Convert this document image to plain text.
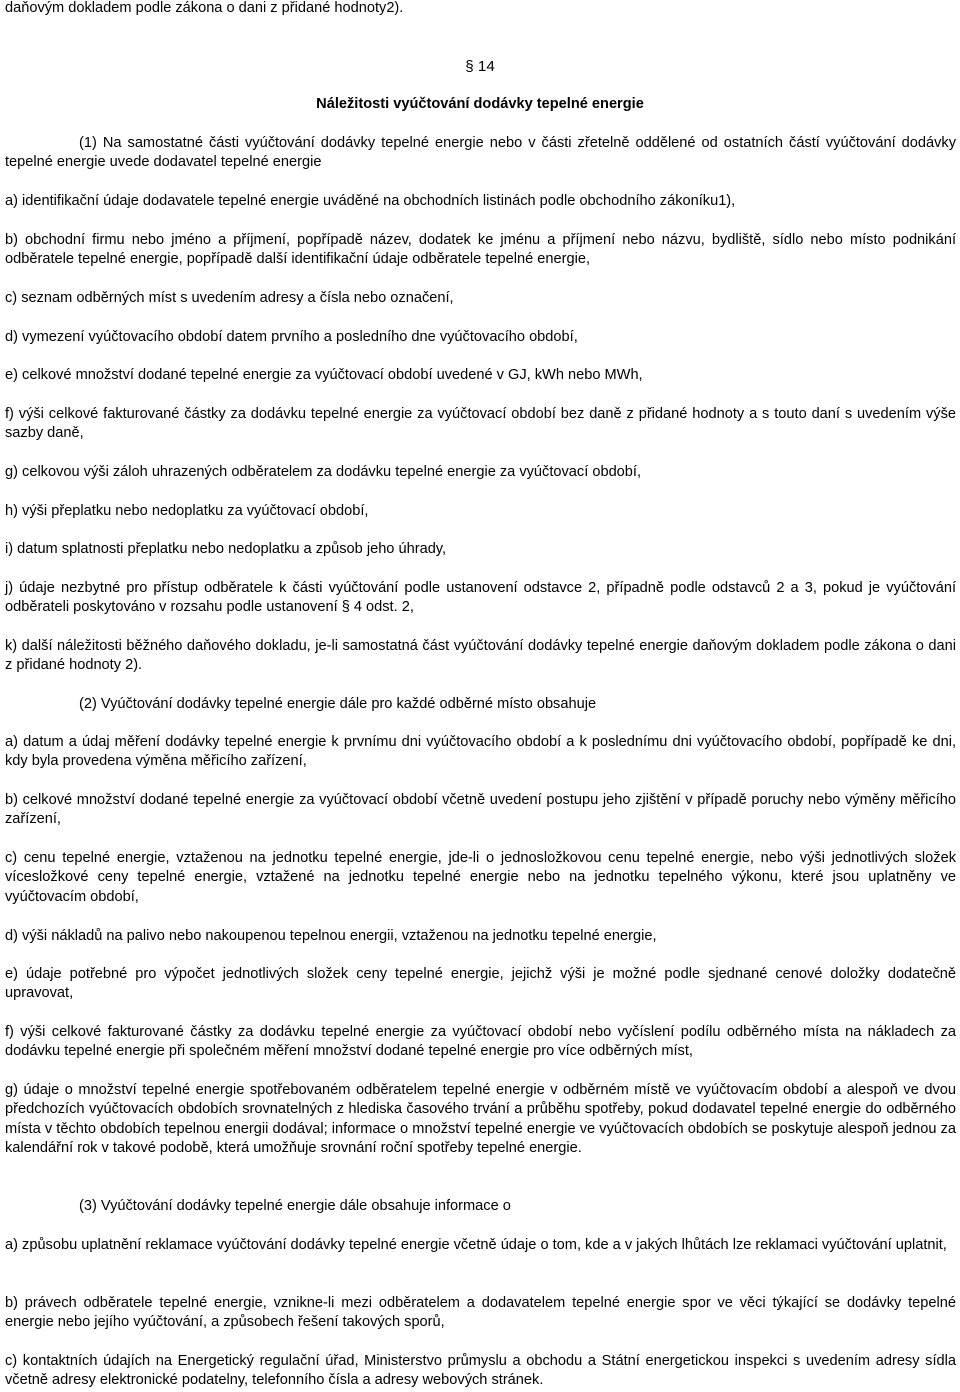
daňovým dokladem podle zákona o dani z přidané hodnoty2).

§ 14

Náležitosti vyúčtování dodávky tepelné energie

(1) Na samostatné části vyúčtování dodávky tepelné energie nebo v části zřetelně oddělené od ostatních částí vyúčtování dodávky tepelné energie uvede dodavatel tepelné energie

a) identifikační údaje dodavatele tepelné energie uváděné na obchodních listinách podle obchodního zákoníku1),

b) obchodní firmu nebo jméno a příjmení, popřípadě název, dodatek ke jménu a příjmení nebo názvu, bydliště, sídlo nebo místo podnikání odběratele tepelné energie, popřípadě další identifikační údaje odběratele tepelné energie,

c) seznam odběrných míst s uvedením adresy a čísla nebo označení,

d) vymezení vyúčtovacího období datem prvního a posledního dne vyúčtovacího období,

e) celkové množství dodané tepelné energie za vyúčtovací období uvedené v GJ, kWh nebo MWh,

f) výši celkové fakturované částky za dodávku tepelné energie za vyúčtovací období bez daně z přidané hodnoty a s touto daní s uvedením výše sazby daně,

g) celkovou výši záloh uhrazených odběratelem za dodávku tepelné energie za vyúčtovací období,

h) výši přeplatku nebo nedoplatku za vyúčtovací období,

i) datum splatnosti přeplatku nebo nedoplatku a způsob jeho úhrady,

j) údaje nezbytné pro přístup odběratele k části vyúčtování podle ustanovení odstavce 2, případně podle odstavců 2 a 3, pokud je vyúčtování odběrateli poskytováno v rozsahu podle ustanovení § 4 odst. 2,

k) další náležitosti běžného daňového dokladu, je-li samostatná část vyúčtování dodávky tepelné energie daňovým dokladem podle zákona o dani z přidané hodnoty 2).

(2) Vyúčtování dodávky tepelné energie dále pro každé odběrné místo obsahuje

a) datum a údaj měření dodávky tepelné energie k prvnímu dni vyúčtovacího období a k poslednímu dni vyúčtovacího období, popřípadě ke dni, kdy byla provedena výměna měřicího zařízení,

b) celkové množství dodané tepelné energie za vyúčtovací období včetně uvedení postupu jeho zjištění v případě poruchy nebo výměny měřicího zařízení,

c) cenu tepelné energie, vztaženou na jednotku tepelné energie, jde-li o jednosložkovou cenu tepelné energie, nebo výši jednotlivých složek vícesložkové ceny tepelné energie, vztažené na jednotku tepelné energie nebo na jednotku tepelného výkonu, které jsou uplatněny ve vyúčtovacím období,

d) výši nákladů na palivo nebo nakoupenou tepelnou energii, vztaženou na jednotku tepelné energie,

e) údaje potřebné pro výpočet jednotlivých složek ceny tepelné energie, jejichž výši je možné podle sjednané cenové doložky dodatečně upravovat,

f) výši celkové fakturované částky za dodávku tepelné energie za vyúčtovací období nebo vyčíslení podílu odběrného místa na nákladech za dodávku tepelné energie při společném měření množství dodané tepelné energie pro více odběrných míst,

g) údaje o množství tepelné energie spotřebovaném odběratelem tepelné energie v odběrném místě ve vyúčtovacím období a alespoň ve dvou předchozích vyúčtovacích obdobích srovnatelných z hlediska časového trvání a průběhu spotřeby, pokud dodavatel tepelné energie do odběrného místa v těchto obdobích tepelnou energii dodával; informace o množství tepelné energie ve vyúčtovacích obdobích se poskytuje alespoň jednou za kalendářní rok v takové podobě, která umožňuje srovnání roční spotřeby tepelné energie.

(3) Vyúčtování dodávky tepelné energie dále obsahuje informace o

a) způsobu uplatnění reklamace vyúčtování dodávky tepelné energie včetně údaje o tom, kde a v jakých lhůtách lze reklamaci vyúčtování uplatnit,

b) právech odběratele tepelné energie, vznikne-li mezi odběratelem a dodavatelem tepelné energie spor ve věci týkající se dodávky tepelné energie nebo jejího vyúčtování, a způsobech řešení takových sporů,

c) kontaktních údajích na Energetický regulační úřad, Ministerstvo průmyslu a obchodu a Státní energetickou inspekci s uvedením adresy sídla včetně adresy elektronické podatelny, telefonního čísla a adresy webových stránek.
